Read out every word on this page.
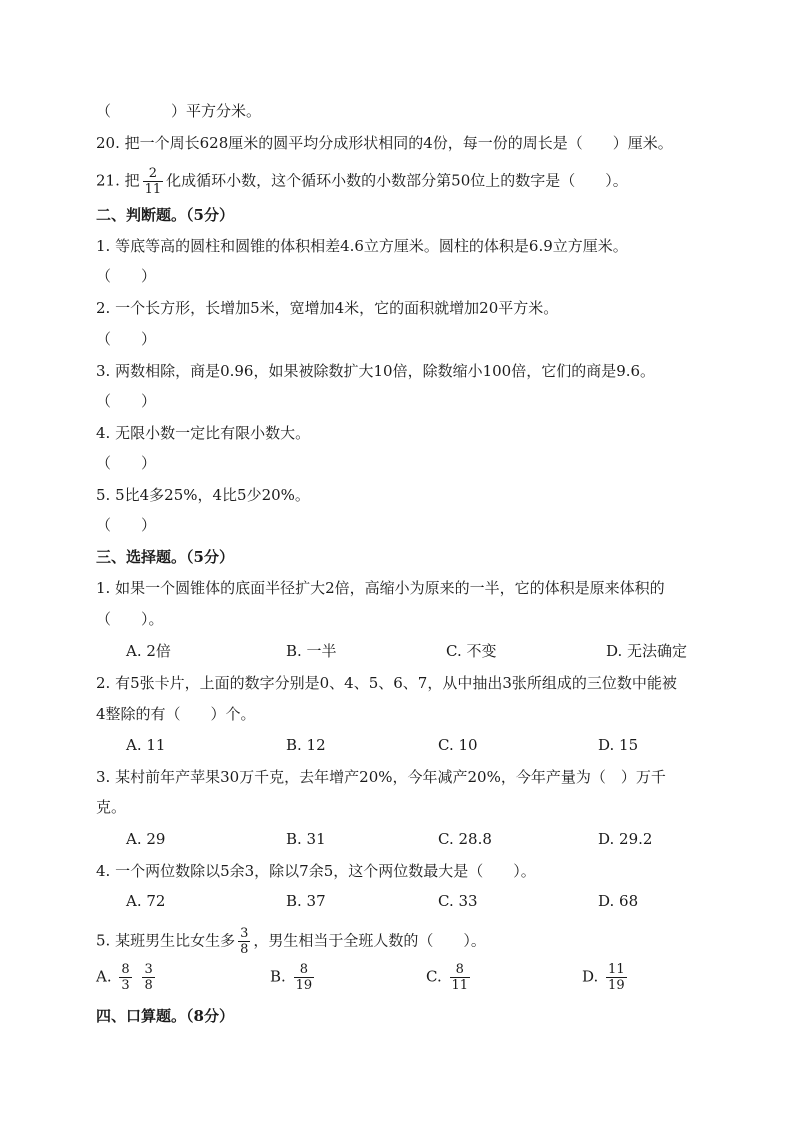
（　　　　）平方分米。
20. 把一个周长628厘米的圆平均分成形状相同的4份，每一份的周长是（　　）厘米。
21. 把 $\frac{2}{11}$ 化成循环小数，这个循环小数的小数部分第50位上的数字是（　　）。
二、判断题。（5分）
1. 等底等高的圆柱和圆锥的体积相差4.6立方厘米。圆柱的体积是6.9立方厘米。
（　　）
2. 一个长方形，长增加5米，宽增加4米，它的面积就增加20平方米。
（　　）
3. 两数相除，商是0.96，如果被除数扩大10倍，除数缩小100倍，它们的商是9.6。
（　　）
4. 无限小数一定比有限小数大。
（　　）
5. 5比4多25%，4比5少20%。
（　　）
三、选择题。（5分）
1. 如果一个圆锥体的底面半径扩大2倍，高缩小为原来的一半，它的体积是原来体积的
（　　）。
A. 2倍	B. 一半	C. 不变	D. 无法确定
2. 有5张卡片，上面的数字分别是0、4、5、6、7，从中抽出3张所组成的三位数中能被
4整除的有（　　）个。
A. 11	B. 12	C. 10	D. 15
3. 某村前年产苹果30万千克，去年增产20%，今年减产20%，今年产量为（　）万千
克。
A. 29	B. 31	C. 28.8	D. 29.2
4. 一个两位数除以5余3，除以7余5，这个两位数最大是（　　）。
A. 72	B. 37	C. 33	D. 68
5. 某班男生比女生多 $\frac{3}{8}$ ，男生相当于全班人数的（　　）。
A. $\frac{8}{3}$
$\frac{3}{8}$	B. $\frac{8}{19}$	C. $\frac{8}{11}$	D. $\frac{11}{19}$
四、口算题。（8分）
